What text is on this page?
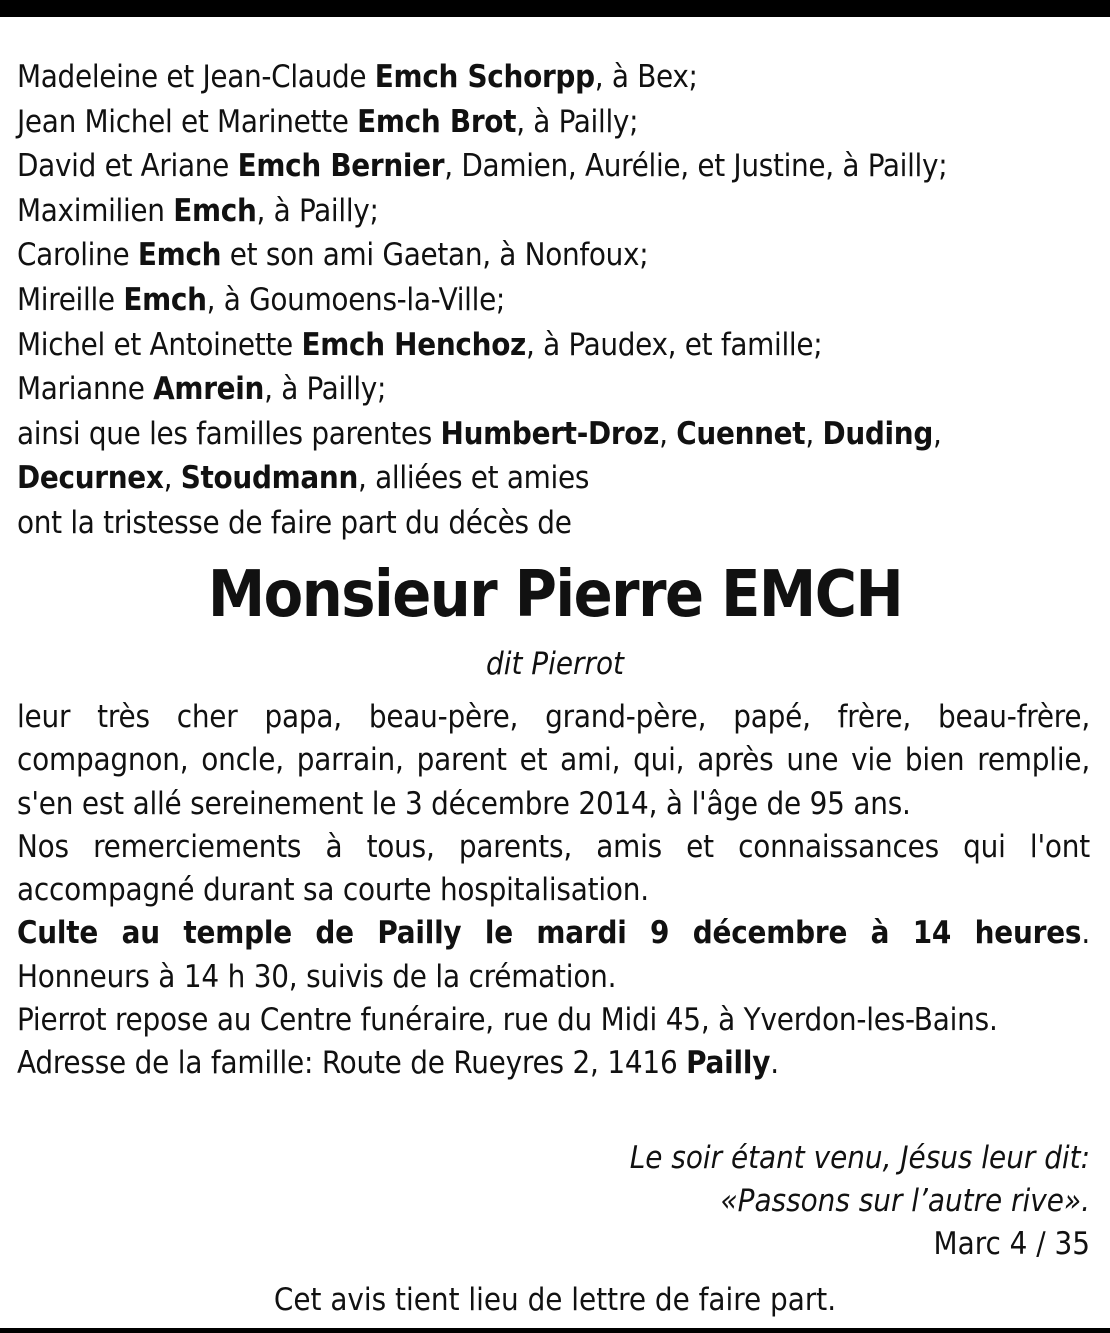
Madeleine et Jean-Claude Emch Schorpp, à Bex;
Jean Michel et Marinette Emch Brot, à Pailly;
David et Ariane Emch Bernier, Damien, Aurélie, et Justine, à Pailly;
Maximilien Emch, à Pailly;
Caroline Emch et son ami Gaetan, à Nonfoux;
Mireille Emch, à Goumoens-la-Ville;
Michel et Antoinette Emch Henchoz, à Paudex, et famille;
Marianne Amrein, à Pailly;
ainsi que les familles parentes Humbert-Droz, Cuennet, Duding,
Decurnex, Stoudmann, alliées et amies
ont la tristesse de faire part du décès de
Monsieur Pierre EMCH
dit Pierrot

leur très cher papa, beau-père, grand-père, papé, frère, beau-frère, compagnon, oncle, parrain, parent et ami, qui, après une vie bien remplie, s'en est allé sereinement le 3 décembre 2014, à l'âge de 95 ans.

Nos remerciements à tous, parents, amis et connaissances qui l'ont accompagné durant sa courte hospitalisation.

Culte au temple de Pailly le mardi 9 décembre à 14 heures.

Honneurs à 14 h 30, suivis de la crémation.

Pierrot repose au Centre funéraire, rue du Midi 45, à Yverdon-les-Bains.

Adresse de la famille: Route de Rueyres 2, 1416 Pailly.

Le soir étant venu, Jésus leur dit:
«Passons sur l’autre rive».
Marc 4 / 35
Cet avis tient lieu de lettre de faire part.
